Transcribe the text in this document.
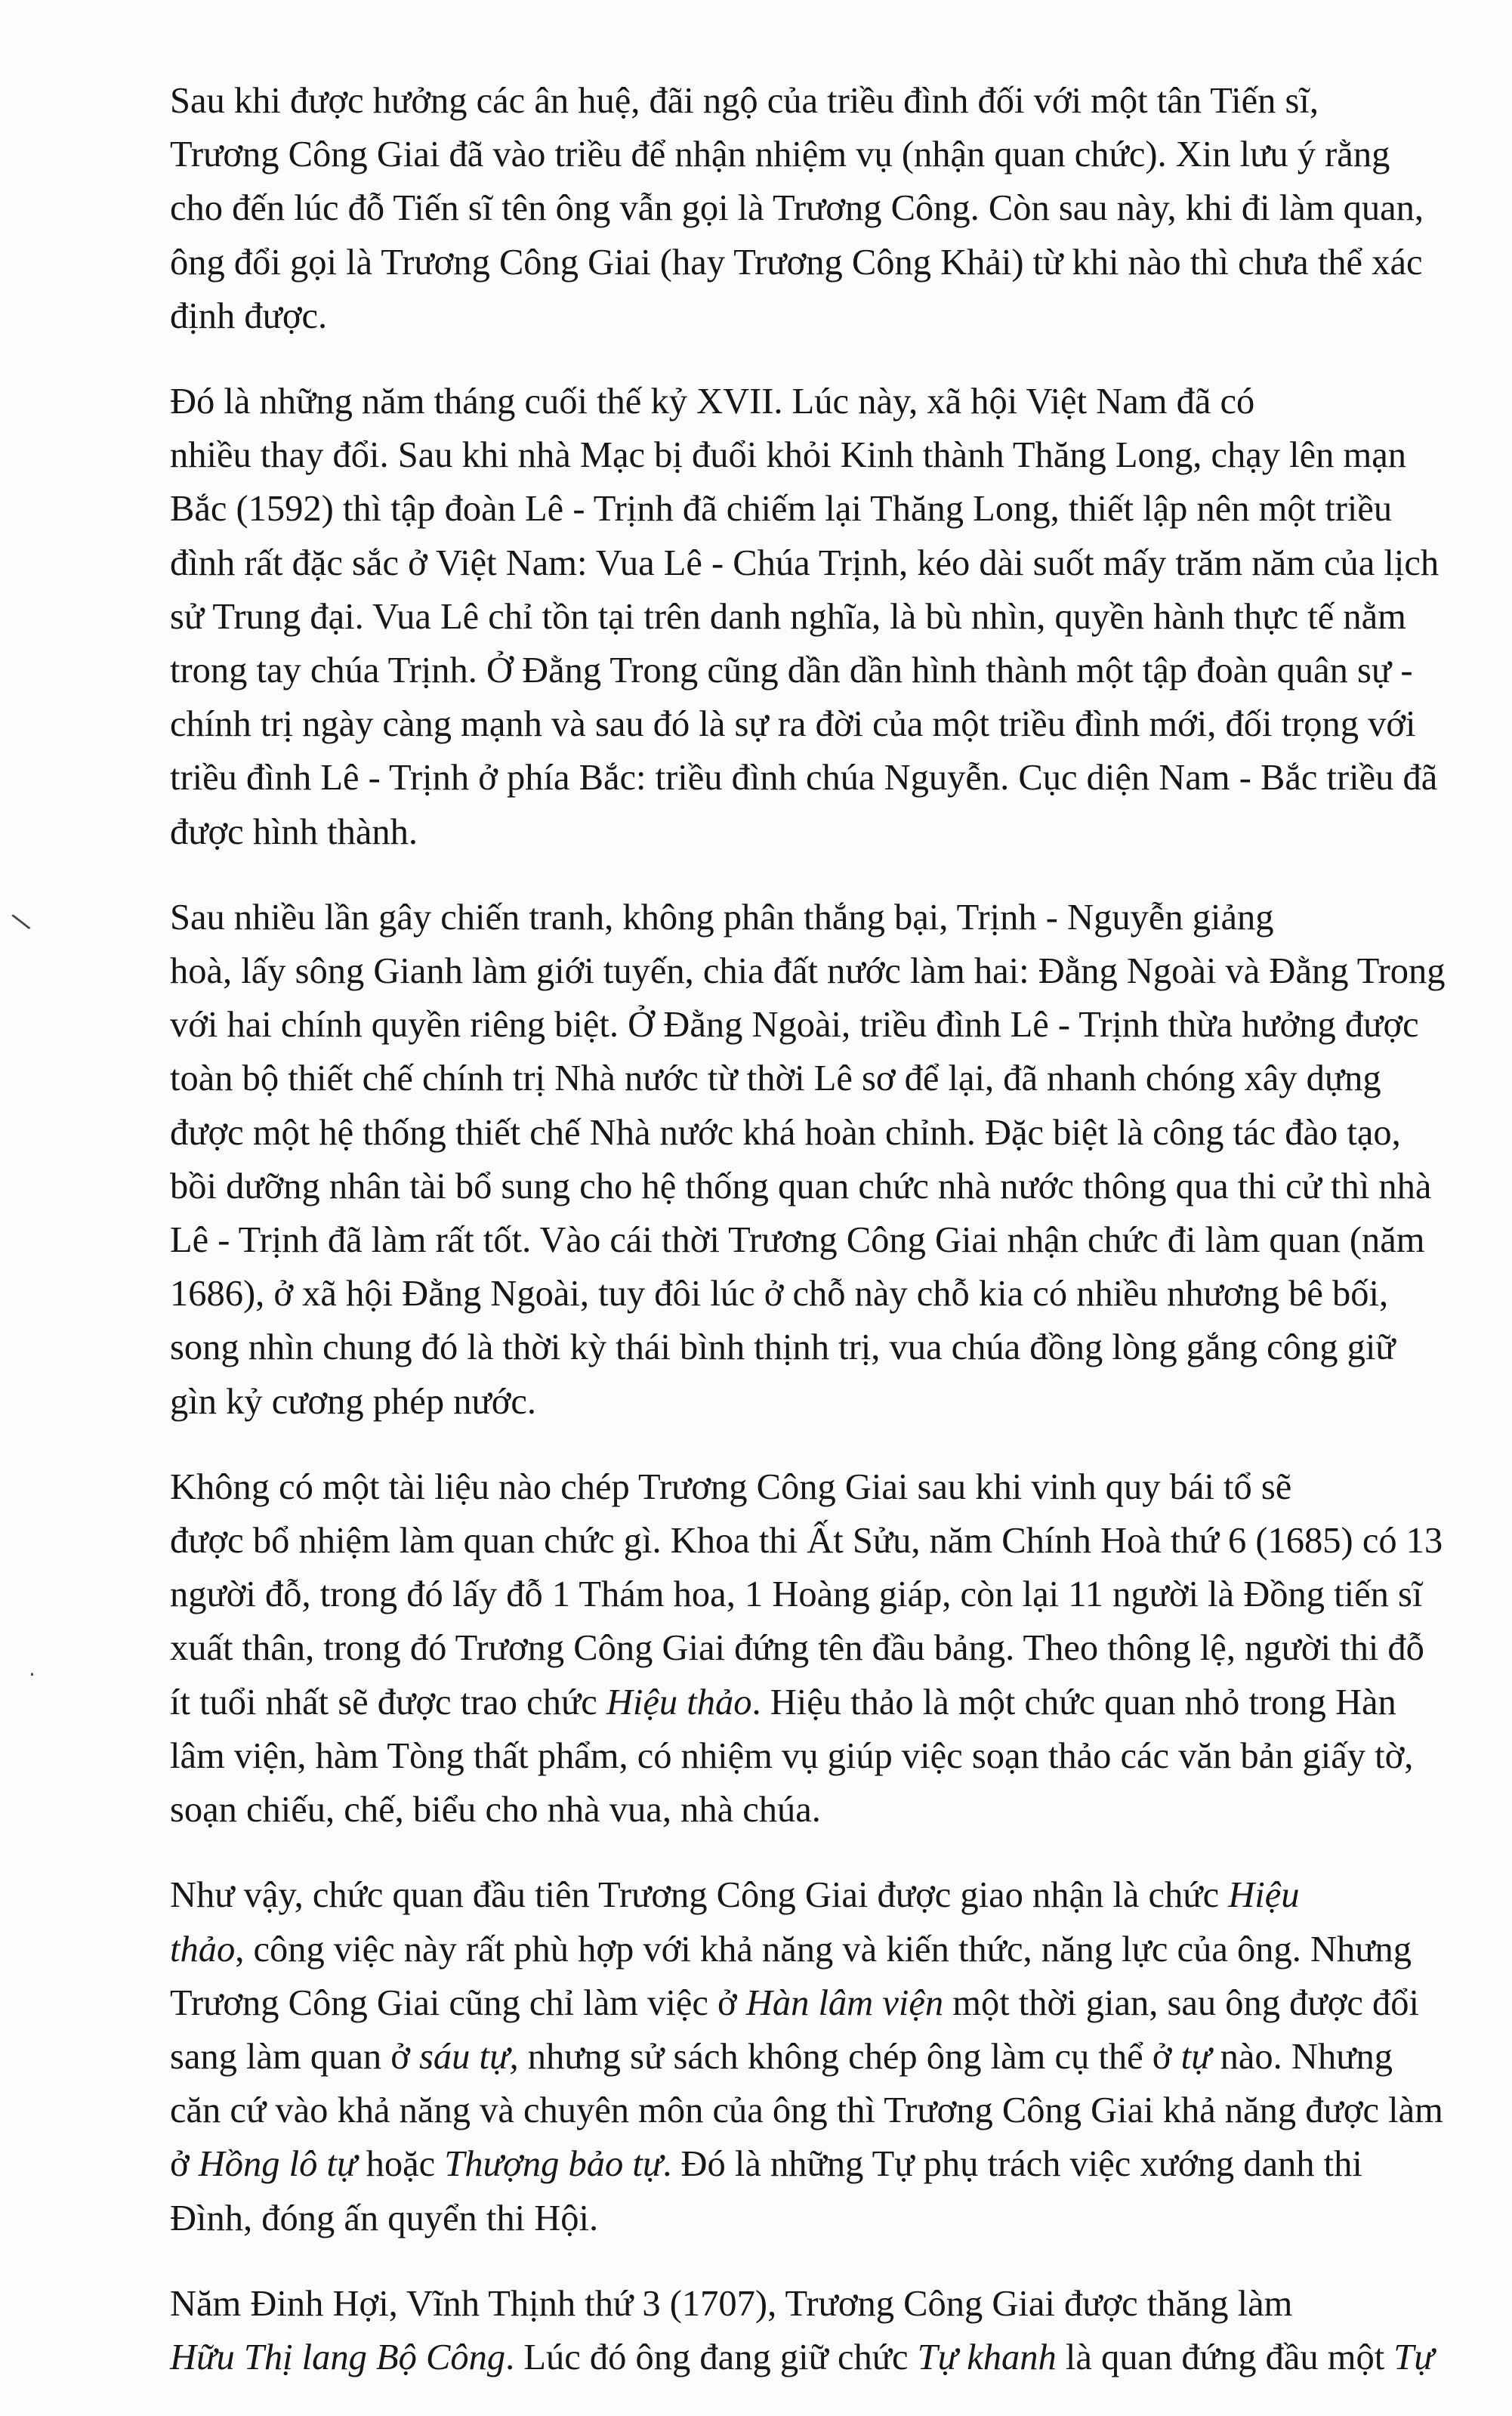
Sau khi được hưởng các ân huệ, đãi ngộ của triều đình đối với một tân Tiến sĩ,
Trương Công Giai đã vào triều để nhận nhiệm vụ (nhận quan chức). Xin lưu ý rằng
cho đến lúc đỗ Tiến sĩ tên ông vẫn gọi là Trương Công. Còn sau này, khi đi làm quan,
ông đổi gọi là Trương Công Giai (hay Trương Công Khải) từ khi nào thì chưa thể xác
định được.

Đó là những năm tháng cuối thế kỷ XVII. Lúc này, xã hội Việt Nam đã có
nhiều thay đổi. Sau khi nhà Mạc bị đuổi khỏi Kinh thành Thăng Long, chạy lên mạn
Bắc (1592) thì tập đoàn Lê - Trịnh đã chiếm lại Thăng Long, thiết lập nên một triều
đình rất đặc sắc ở Việt Nam: Vua Lê - Chúa Trịnh, kéo dài suốt mấy trăm năm của lịch
sử Trung đại. Vua Lê chỉ tồn tại trên danh nghĩa, là bù nhìn, quyền hành thực tế nằm
trong tay chúa Trịnh. Ở Đằng Trong cũng dần dần hình thành một tập đoàn quân sự -
chính trị ngày càng mạnh và sau đó là sự ra đời của một triều đình mới, đối trọng với
triều đình Lê - Trịnh ở phía Bắc: triều đình chúa Nguyễn. Cục diện Nam - Bắc triều đã
được hình thành.

Sau nhiều lần gây chiến tranh, không phân thắng bại, Trịnh - Nguyễn giảng
hoà, lấy sông Gianh làm giới tuyến, chia đất nước làm hai: Đằng Ngoài và Đằng Trong
với hai chính quyền riêng biệt. Ở Đằng Ngoài, triều đình Lê - Trịnh thừa hưởng được
toàn bộ thiết chế chính trị Nhà nước từ thời Lê sơ để lại, đã nhanh chóng xây dựng
được một hệ thống thiết chế Nhà nước khá hoàn chỉnh. Đặc biệt là công tác đào tạo,
bồi dưỡng nhân tài bổ sung cho hệ thống quan chức nhà nước thông qua thi cử thì nhà
Lê - Trịnh đã làm rất tốt. Vào cái thời Trương Công Giai nhận chức đi làm quan (năm
1686), ở xã hội Đằng Ngoài, tuy đôi lúc ở chỗ này chỗ kia có nhiều nhương bê bối,
song nhìn chung đó là thời kỳ thái bình thịnh trị, vua chúa đồng lòng gắng công giữ
gìn kỷ cương phép nước.

Không có một tài liệu nào chép Trương Công Giai sau khi vinh quy bái tổ sẽ
được bổ nhiệm làm quan chức gì. Khoa thi Ất Sửu, năm Chính Hoà thứ 6 (1685) có 13
người đỗ, trong đó lấy đỗ 1 Thám hoa, 1 Hoàng giáp, còn lại 11 người là Đồng tiến sĩ
xuất thân, trong đó Trương Công Giai đứng tên đầu bảng. Theo thông lệ, người thi đỗ
ít tuổi nhất sẽ được trao chức Hiệu thảo. Hiệu thảo là một chức quan nhỏ trong Hàn
lâm viện, hàm Tòng thất phẩm, có nhiệm vụ giúp việc soạn thảo các văn bản giấy tờ,
soạn chiếu, chế, biểu cho nhà vua, nhà chúa.

Như vậy, chức quan đầu tiên Trương Công Giai được giao nhận là chức Hiệu
thảo, công việc này rất phù hợp với khả năng và kiến thức, năng lực của ông. Nhưng
Trương Công Giai cũng chỉ làm việc ở Hàn lâm viện một thời gian, sau ông được đổi
sang làm quan ở sáu tự, nhưng sử sách không chép ông làm cụ thể ở tự nào. Nhưng
căn cứ vào khả năng và chuyên môn của ông thì Trương Công Giai khả năng được làm
ở Hồng lô tự hoặc Thượng bảo tự. Đó là những Tự phụ trách việc xướng danh thi
Đình, đóng ấn quyển thi Hội.

Năm Đinh Hợi, Vĩnh Thịnh thứ 3 (1707), Trương Công Giai được thăng làm
Hữu Thị lang Bộ Công. Lúc đó ông đang giữ chức Tự khanh là quan đứng đầu một Tự

\
·
